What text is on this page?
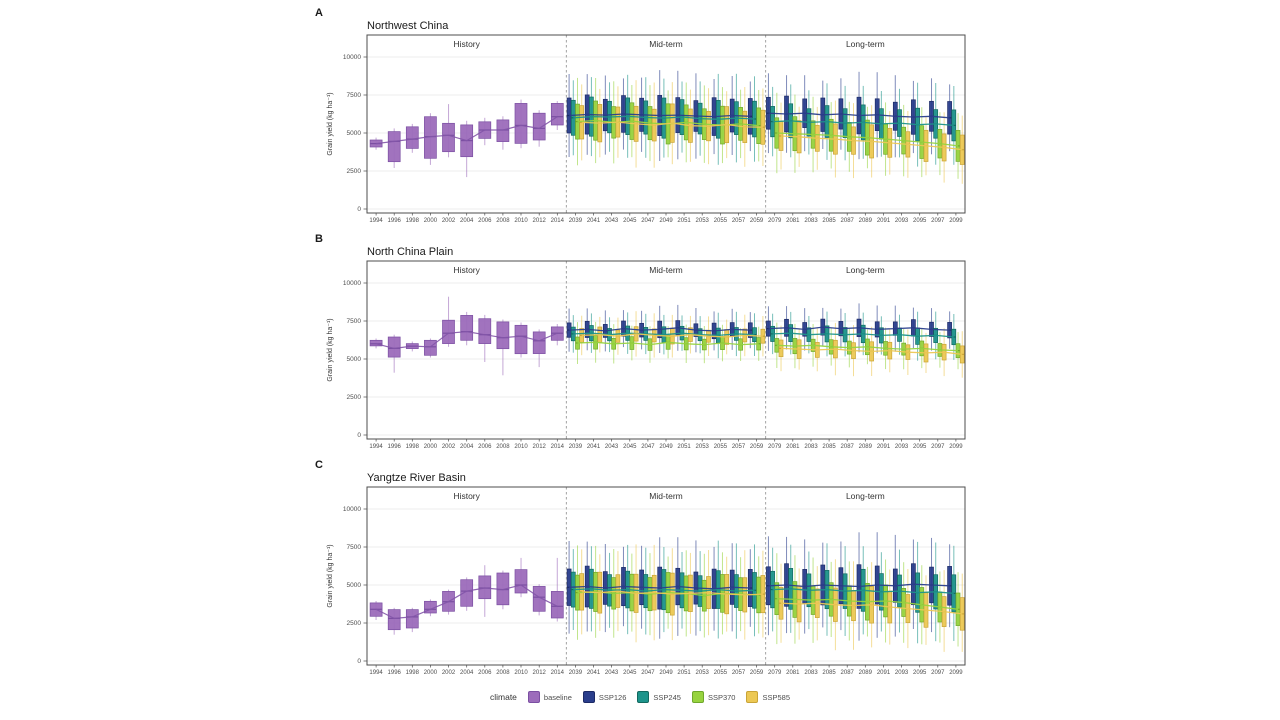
A
Northwest China
0
2500
5000
7500
10000
Grain yield (kg ha⁻¹)
History	Mid-term	Long-term
1994 1996 1998 2000 2002 2004 2006 2008 2010 2012 2014 2039 2041 2043 2045 2047 2049 2051 2053 2055 2057 2059 2079 2081 2083 2085 2087 2089 2091 2093 2095 2097 2099
B
North China Plain
0
2500
5000
7500
10000
Grain yield (kg ha⁻¹)
History	Mid-term	Long-term
1994 1996 1998 2000 2002 2004 2006 2008 2010 2012 2014 2039 2041 2043 2045 2047 2049 2051 2053 2055 2057 2059 2079 2081 2083 2085 2087 2089 2091 2093 2095 2097 2099
C
Yangtze River Basin
0
2500
5000
7500
10000
Grain yield (kg ha⁻¹)
History	Mid-term	Long-term
1994 1996 1998 2000 2002 2004 2006 2008 2010 2012 2014 2039 2041 2043 2045 2047 2049 2051 2053 2055 2057 2059 2079 2081 2083 2085 2087 2089 2091 2093 2095 2097 2099
climate	baseline	SSP126	SSP245	SSP370	SSP585
